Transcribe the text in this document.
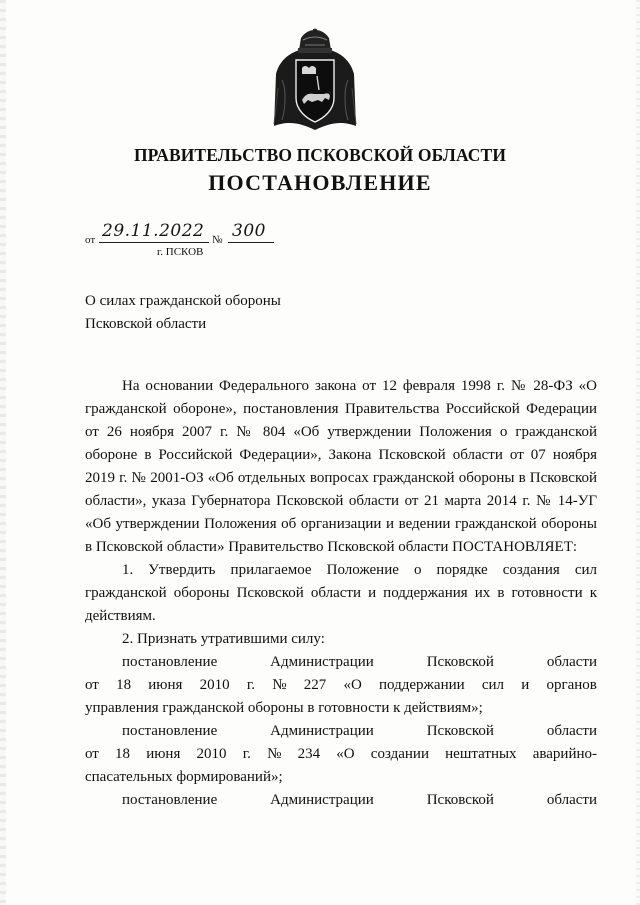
ПРАВИТЕЛЬСТВО ПСКОВСКОЙ ОБЛАСТИ
ПОСТАНОВЛЕНИЕ
от 29.11.2022 № 300
г. ПСКОВ
О силах гражданской обороны
Псковской области

На основании Федерального закона от 12 февраля 1998 г. № 28-ФЗ «О гражданской обороне», постановления Правительства Российской Федерации от 26 ноября 2007 г. № 804 «Об утверждении Положения о гражданской обороне в Российской Федерации», Закона Псковской области от 07 ноября 2019 г. № 2001-ОЗ «Об отдельных вопросах гражданской обороны в Псковской области», указа Губернатора Псковской области от 21 марта 2014 г. № 14-УГ «Об утверждении Положения об организации и ведении гражданской обороны в Псковской области» Правительство Псковской области ПОСТАНОВЛЯЕТ:

1. Утвердить прилагаемое Положение о порядке создания сил гражданской обороны Псковской области и поддержания их в готовности к действиям.

2. Признать утратившими силу:

постановление	Администрации	Псковской	области
от 18 июня 2010 г. № 227 «О поддержании сил и органов

управления гражданской обороны в готовности к действиям»;

постановление	Администрации	Псковской	области
от 18 июня 2010 г. № 234 «О создании нештатных аварийно-

спасательных формирований»;

постановление	Администрации	Псковской	области
